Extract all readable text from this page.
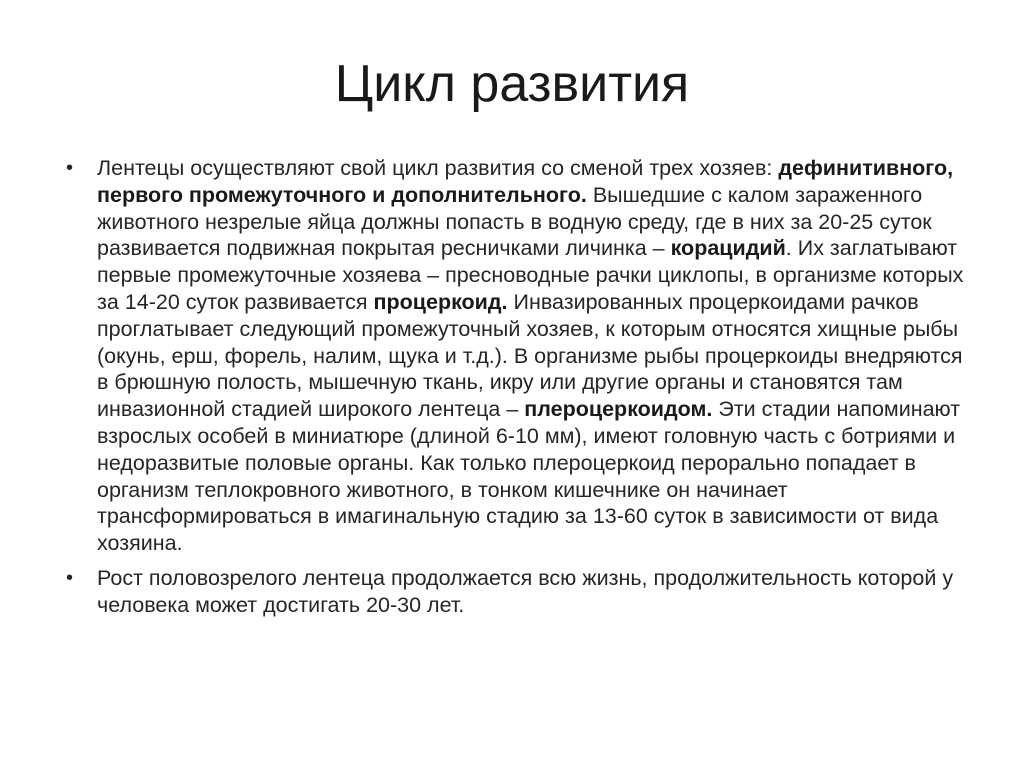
Цикл развития
• Лентецы осуществляют свой цикл развития со сменой трех хозяев: дефинитивного, первого промежуточного и дополнительного. Вышедшие с калом зараженного животного незрелые яйца должны попасть в водную среду, где в них за 20-25 суток развивается подвижная покрытая ресничками личинка – корацидий. Их заглатывают первые промежуточные хозяева – пресноводные рачки циклопы, в организме которых за 14-20 суток развивается процеркоид. Инвазированных процеркоидами рачков проглатывает следующий промежуточный хозяев, к которым относятся хищные рыбы (окунь, ерш, форель, налим, щука и т.д.). В организме рыбы процеркоиды внедряются в брюшную полость, мышечную ткань, икру или другие органы и становятся там инвазионной стадией широкого лентеца – плероцеркоидом. Эти стадии напоминают взрослых особей в миниатюре (длиной 6-10 мм), имеют головную часть с ботриями и недоразвитые половые органы. Как только плероцеркоид перорально попадает в организм теплокровного животного, в тонком кишечнике он начинает трансформироваться в имагинальную стадию за 13-60 суток в зависимости от вида хозяина.
• Рост половозрелого лентеца продолжается всю жизнь, продолжительность которой у человека может достигать 20-30 лет.
